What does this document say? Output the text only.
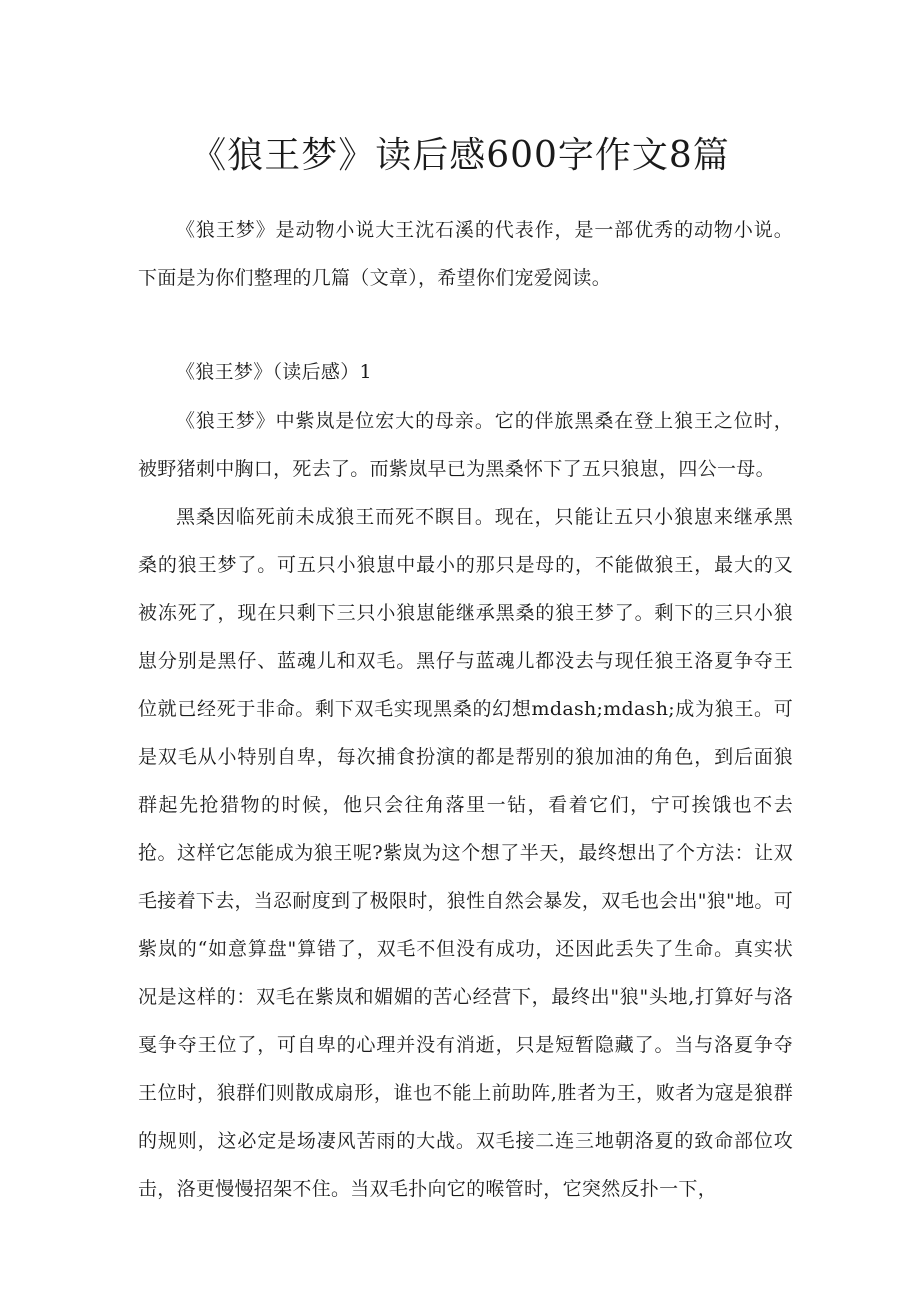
《狼王梦》读后感600字作文8篇

《狼王梦》是动物小说大王沈石溪的代表作，是一部优秀的动物小说。下面是为你们整理的几篇（文章），希望你们宠爱阅读。

《狼王梦》（读后感）1

《狼王梦》中紫岚是位宏大的母亲。它的伴旅黑桑在登上狼王之位时，被野猪刺中胸口，死去了。而紫岚早已为黑桑怀下了五只狼崽，四公一母。

黑桑因临死前未成狼王而死不瞑目。现在，只能让五只小狼崽来继承黑桑的狼王梦了。可五只小狼崽中最小的那只是母的，不能做狼王，最大的又被冻死了，现在只剩下三只小狼崽能继承黑桑的狼王梦了。剩下的三只小狼崽分别是黑仔、蓝魂儿和双毛。黑仔与蓝魂儿都没去与现任狼王洛夏争夺王位就已经死于非命。剩下双毛实现黑桑的幻想mdash;mdash;成为狼王。可是双毛从小特别自卑，每次捕食扮演的都是帮别的狼加油的角色，到后面狼群起先抢猎物的时候，他只会往角落里一钻，看着它们，宁可挨饿也不去抢。这样它怎能成为狼王呢?紫岚为这个想了半天，最终想出了个方法：让双毛接着下去，当忍耐度到了极限时，狼性自然会暴发，双毛也会出"狼"地。可紫岚的“如意算盘"算错了，双毛不但没有成功，还因此丢失了生命。真实状况是这样的：双毛在紫岚和媚媚的苦心经营下，最终出"狼"头地,打算好与洛戛争夺王位了，可自卑的心理并没有消逝，只是短暂隐藏了。当与洛夏争夺王位时，狼群们则散成扇形，谁也不能上前助阵,胜者为王，败者为寇是狼群的规则，这必定是场凄风苦雨的大战。双毛接二连三地朝洛夏的致命部位攻击，洛更慢慢招架不住。当双毛扑向它的喉管时，它突然反扑一下，
